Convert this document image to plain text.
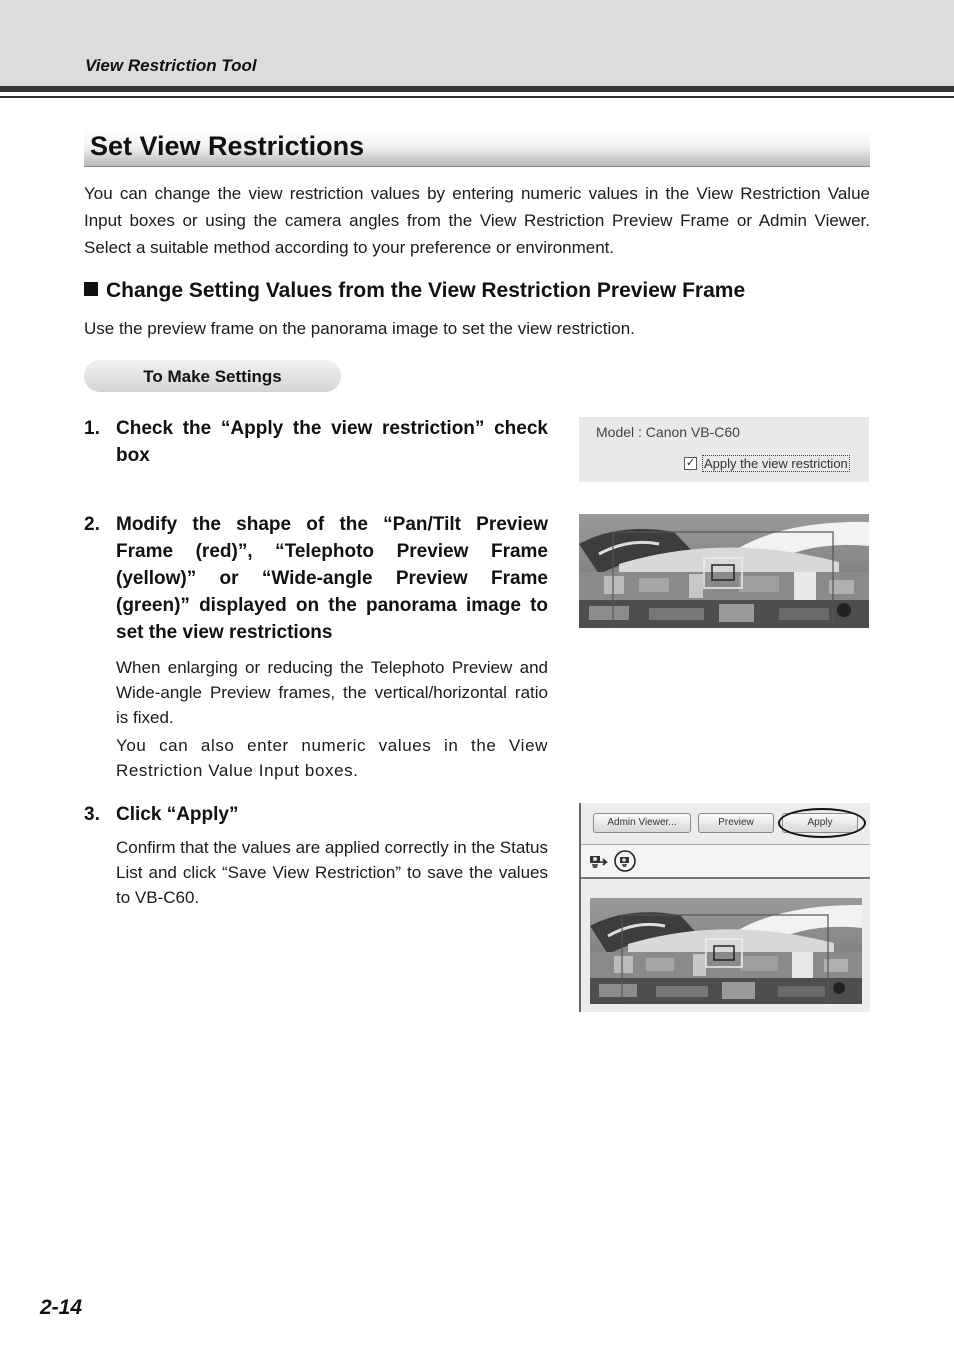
View Restriction Tool
Set View Restrictions
You can change the view restriction values by entering numeric values in the View Restriction Value Input boxes or using the camera angles from the View Restriction Preview Frame or Admin Viewer. Select a suitable method according to your preference or environment.
Change Setting Values from the View Restriction Preview Frame
Use the preview frame on the panorama image to set the view restriction.
To Make Settings
1. Check the “Apply the view restriction” check box
2. Modify the shape of the “Pan/Tilt Preview Frame (red)”, “Telephoto Preview Frame (yellow)” or “Wide-angle Preview Frame (green)” displayed on the panorama image to set the view restrictions
When enlarging or reducing the Telephoto Preview and Wide-angle Preview frames, the vertical/horizontal ratio is fixed.
You can also enter numeric values in the View Restriction Value Input boxes.
3. Click “Apply”
Confirm that the values are applied correctly in the Status List and click “Save View Restriction” to save the values to VB-C60.
Model : Canon VB-C60
✓ Apply the view restriction
Admin Viewer...	Preview	Apply
2-14
